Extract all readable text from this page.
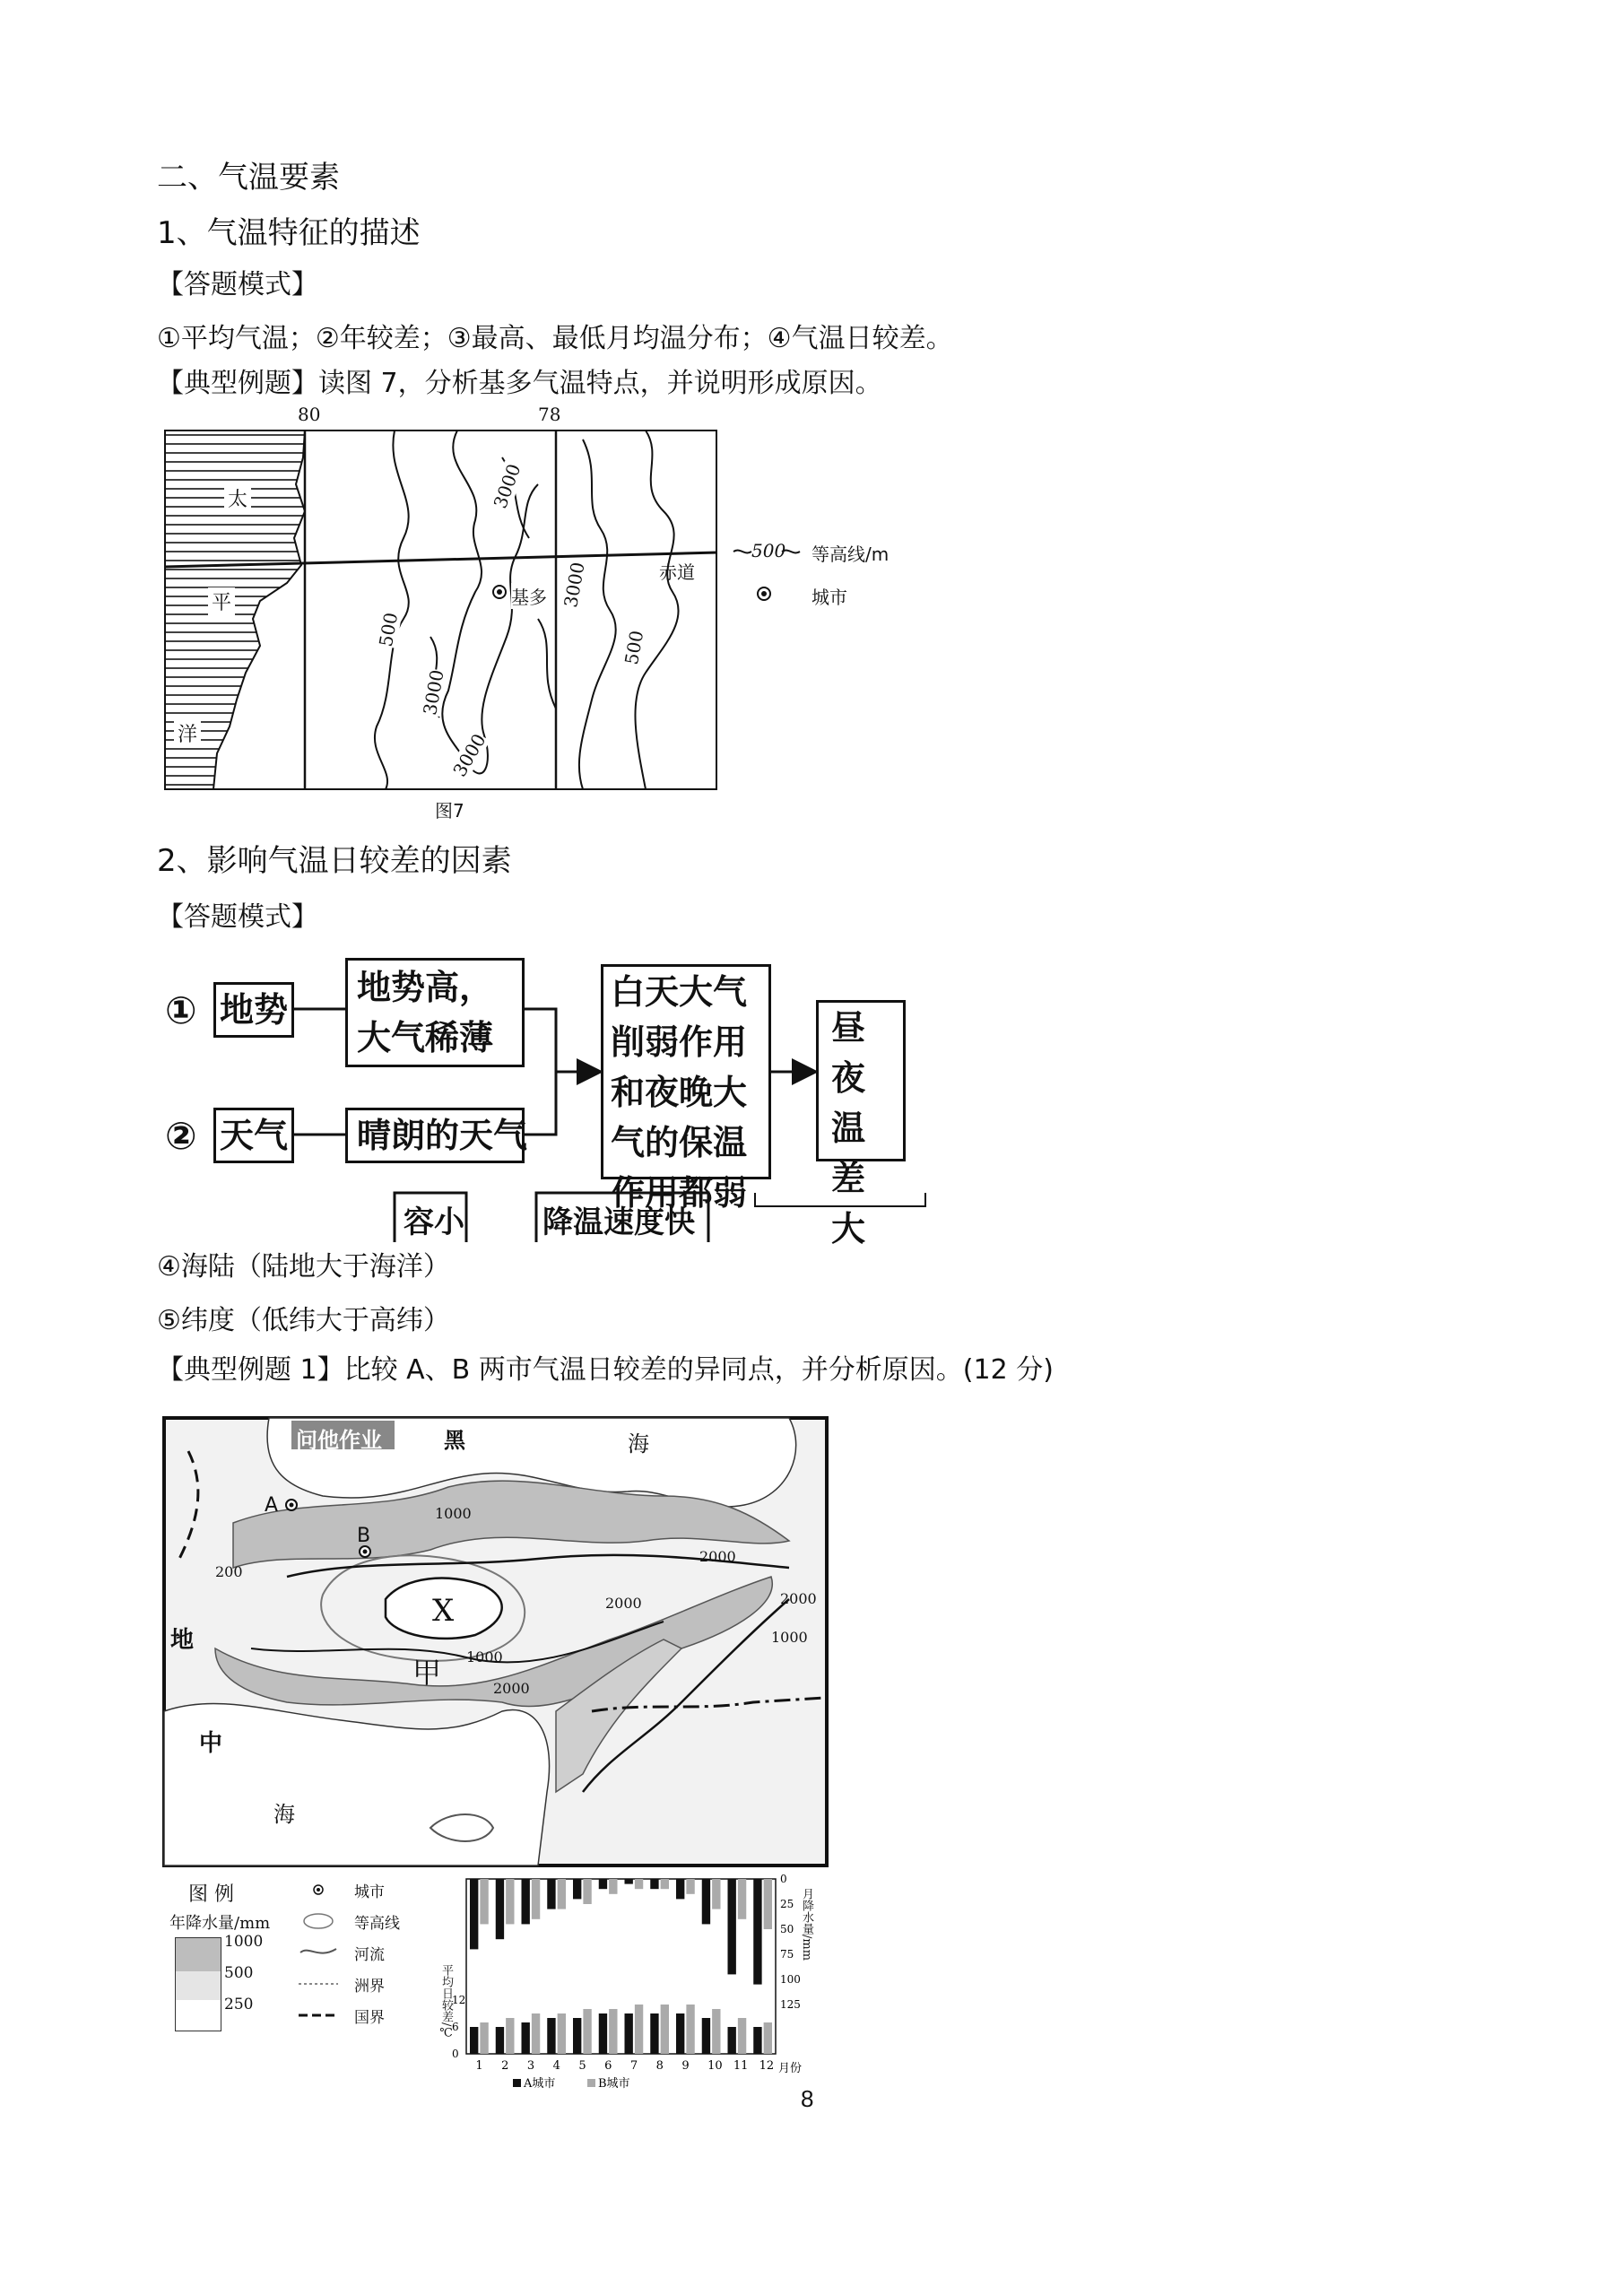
二、气温要素
1、气温特征的描述
【答题模式】
①平均气温；②年较差；③最高、最低月均温分布；④气温日较差。
【典型例题】读图 7，分析基多气温特点，并说明形成原因。
80	78
太
平
洋
基多
赤道
500
3000
3000
3000
3000
500
500 等高线/m
城市
图7
2、影响气温日较差的因素
【答题模式】
①
②
地势
天气
地势高，大气稀薄
晴朗的天气
白天大气削弱作用和夜晚大气的保温作用都弱
昼夜温差大
容小	降温速度快
④海陆（陆地大于海洋）
⑤纬度（低纬大于高纬）
【典型例题 1】比较 A、B 两市气温日较差的异同点，并分析原因。(12 分)
问他作业	黑	海
A
B
X
甲
地
中
海
1000
2000
2000
1000
2000
1000
2000
200
图 例
年降水量/mm
1000
500
250
城市
等高线
河流
洲界
国界
1 2 3 4 5 6 7 8 9 10 11 12
0
6
12
0
25
50
75
100
125
月份
A城市	B城市
平均日较差/℃
月降水量/mm
8
